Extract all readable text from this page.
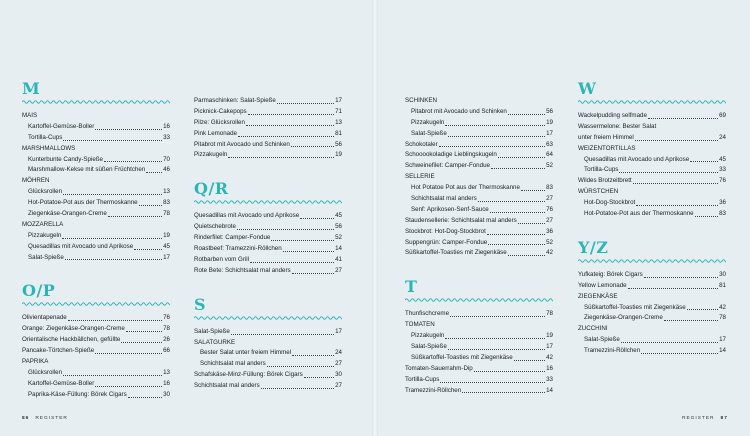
M
MAIS
Kartoffel-Gemüse-Boller	16
Tortilla-Cups	33
MARSHMALLOWS
Kunterbunte Candy-Spieße	70
Marshmallow-Kekse mit süßen Früchtchen	46
MÖHREN
Glücksrollen	13
Hot-Potatoe-Pot aus der Thermoskanne	83
Ziegenkäse-Orangen-Creme	78
MOZZARELLA
Pizzakugeln	19
Quesadillas mit Avocado und Aprikose	45
Salat-Spieße	17
O/P
Olivientapenade	76
Orange: Ziegenkäse-Orangen-Creme	78
Orientalische Hackbällchen, gefüllte	26
Pancake-Törtchen-Spieße	66
PAPRIKA
Glücksrollen	13
Kartoffel-Gemüse-Boller	16
Paprika-Käse-Füllung: Börek Cigars	30
Parmaschinken: Salat-Spieße	17
Picknick-Cakepops	71
Pilze: Glücksrollen	13
Pink Lemonade	81
Pitabrot mit Avocado und Schinken	56
Pizzakugeln	19
Q/R
Quesadillas mit Avocado und Aprikose	45
Quietschebrote	56
Rinderfilet: Camper-Fondue	52
Roastbeef: Tramezzini-Röllchen	14
Rotbarben vom Grill	41
Rote Bete: Schichtsalat mal anders	27
S
Salat-Spieße	17
SALATGURKE
Bester Salat unter freiem Himmel	24
Schichtsalat mal anders	27
Schafskäse-Minz-Füllung: Börek Cigars	30
Schichtsalat mal anders	27
SCHINKEN
Pitabrot mit Avocado und Schinken	56
Pizzakugeln	19
Salat-Spieße	17
Schokotaler	63
Schooookoladige Lieblingskugeln	64
Schweinefilet: Camper-Fondue	52
SELLERIE
Hot Potatoe Pot aus der Thermoskanne	83
Schichtsalat mal anders	27
Senf: Aprikosen-Senf-Sauce	76
Staudensellerie: Schichtsalat mal anders	27
Stockbrot: Hot-Dog-Stockbrot	36
Suppengrün: Camper-Fondue	52
Süßkartoffel-Toasties mit Ziegenkäse	42
T
Thunfischcreme	78
TOMATEN
Pizzakugeln	19
Salat-Spieße	17
Süßkartoffel-Toasties mit Ziegenkäse	42
Tomaten-Sauerrahm-Dip	16
Tortilla-Cups	33
Tramezzini-Röllchen	14
W
Wackelpudding selfmade	69
Wassermelone: Bester Salat
unter freiem Himmel	24
WEIZENTORTILLAS
Quesadillas mit Avocado und Aprikose	45
Tortilla-Cups	33
Wildes Brotzeitbrett	76
WÜRSTCHEN
Hot-Dog-Stockbrot	36
Hot-Potatoe-Pot aus der Thermoskanne	83
Y/Z
Yufkateig: Börek Cigars	30
Yellow Lemonade	81
ZIEGENKÄSE
Süßkartoffel-Toasties mit Ziegenkäse	42
Ziegenkäse-Orangen-Creme	78
ZUCCHINI
Salat-Spieße	17
Tramezzini-Röllchen	14
86 REGISTER	REGISTER 87
